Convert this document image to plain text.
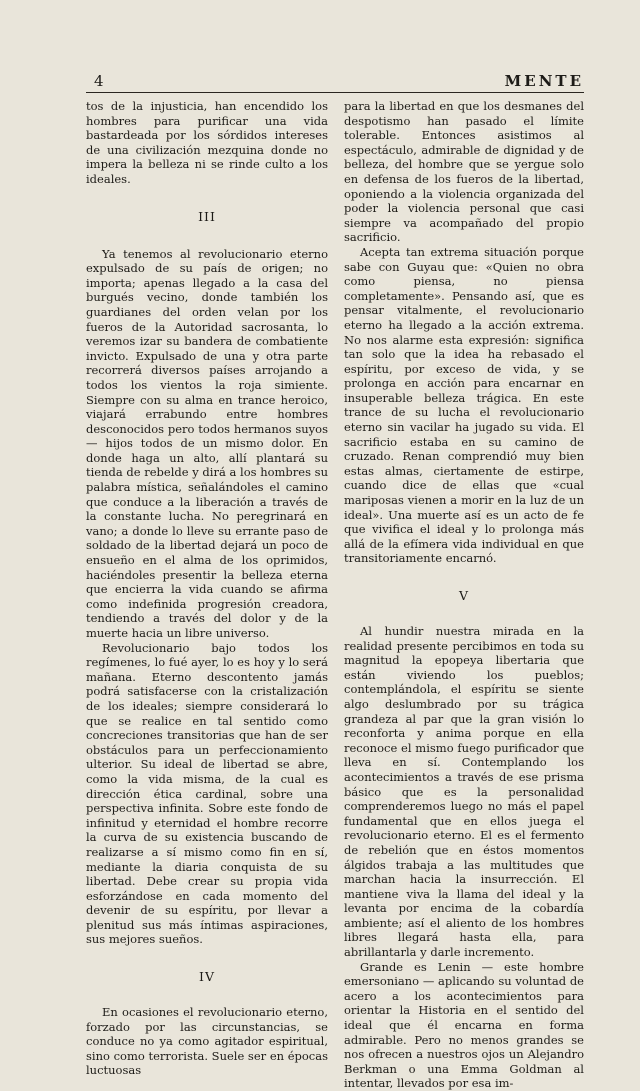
4	MENTE

tos de la injusticia, han encendido los hombres para purificar una vida bastardeada por los sórdidos intereses de una civilización mezquina donde no impera la belleza ni se rinde culto a los ideales.

III

Ya tenemos al revolucionario eterno expulsado de su país de origen; no importa; apenas llegado a la casa del burgués vecino, donde también los guardianes del orden velan por los fueros de la Autoridad sacrosanta, lo veremos izar su bandera de combatiente invicto. Expulsado de una y otra parte recorrerá diversos países arrojando a todos los vientos la roja simiente. Siempre con su alma en trance heroico, viajará errabundo entre hombres desconocidos pero todos hermanos suyos — hijos todos de un mismo dolor. En donde haga un alto, allí plantará su tienda de rebelde y dirá a los hombres su palabra mística, señalándoles el camino que conduce a la liberación a través de la constante lucha. No peregrinará en vano; a donde lo lleve su errante paso de soldado de la libertad dejará un poco de ensueño en el alma de los oprimidos, haciéndoles presentir la belleza eterna que encierra la vida cuando se afirma como indefinida progresión creadora, tendiendo a través del dolor y de la muerte hacia un libre universo.

Revolucionario bajo todos los regímenes, lo fué ayer, lo es hoy y lo será mañana. Eterno descontento jamás podrá satisfacerse con la cristalización de los ideales; siempre considerará lo que se realice en tal sentido como concreciones transitorias que han de ser obstáculos para un perfeccionamiento ulterior. Su ideal de libertad se abre, como la vida misma, de la cual es dirección ética cardinal, sobre una perspectiva infinita. Sobre este fondo de infinitud y eternidad el hombre recorre la curva de su existencia buscando de realizarse a sí mismo como fin en sí, mediante la diaria conquista de su libertad. Debe crear su propia vida esforzándose en cada momento del devenir de su espíritu, por llevar a plenitud sus más íntimas aspiraciones, sus mejores sueños.

IV

En ocasiones el revolucionario eterno, forzado por las circunstancias, se conduce no ya como agitador espiritual, sino como terrorista. Suele ser en épocas luctuosas

para la libertad en que los desmanes del despotismo han pasado el límite tolerable. Entonces asistimos al espectáculo, admirable de dignidad y de belleza, del hombre que se yergue solo en defensa de los fueros de la libertad, oponiendo a la violencia organizada del poder la violencia personal que casi siempre va acompañado del propio sacrificio.

Acepta tan extrema situación porque sabe con Guyau que: «Quien no obra como piensa, no piensa completamente». Pensando así, que es pensar vitalmente, el revolucionario eterno ha llegado a la acción extrema. No nos alarme esta expresión: significa tan solo que la idea ha rebasado el espíritu, por exceso de vida, y se prolonga en acción para encarnar en insuperable belleza trágica. En este trance de su lucha el revolucionario eterno sin vacilar ha jugado su vida. El sacrificio estaba en su camino de cruzado. Renan comprendió muy bien estas almas, ciertamente de estirpe, cuando dice de ellas que «cual mariposas vienen a morir en la luz de un ideal». Una muerte así es un acto de fe que vivifica el ideal y lo prolonga más allá de la efímera vida individual en que transitoriamente encarnó.

V

Al hundir nuestra mirada en la realidad presente percibimos en toda su magnitud la epopeya libertaria que están viviendo los pueblos; contemplándola, el espíritu se siente algo deslumbrado por su trágica grandeza al par que la gran visión lo reconforta y anima porque en ella reconoce el mismo fuego purificador que lleva en sí. Contemplando los acontecimientos a través de ese prisma básico que es la personalidad comprenderemos luego no más el papel fundamental que en ellos juega el revolucionario eterno. El es el fermento de rebelión que en éstos momentos álgidos trabaja a las multitudes que marchan hacia la insurrección. El mantiene viva la llama del ideal y la levanta por encima de la cobardía ambiente; así el aliento de los hombres libres llegará hasta ella, para abrillantarla y darle incremento.

Grande es Lenin — este hombre emersoniano — aplicando su voluntad de acero a los acontecimientos para orientar la Historia en el sentido del ideal que él encarna en forma admirable. Pero no menos grandes se nos ofrecen a nuestros ojos un Alejandro Berkman o una Emma Goldman al intentar, llevados por esa im-
